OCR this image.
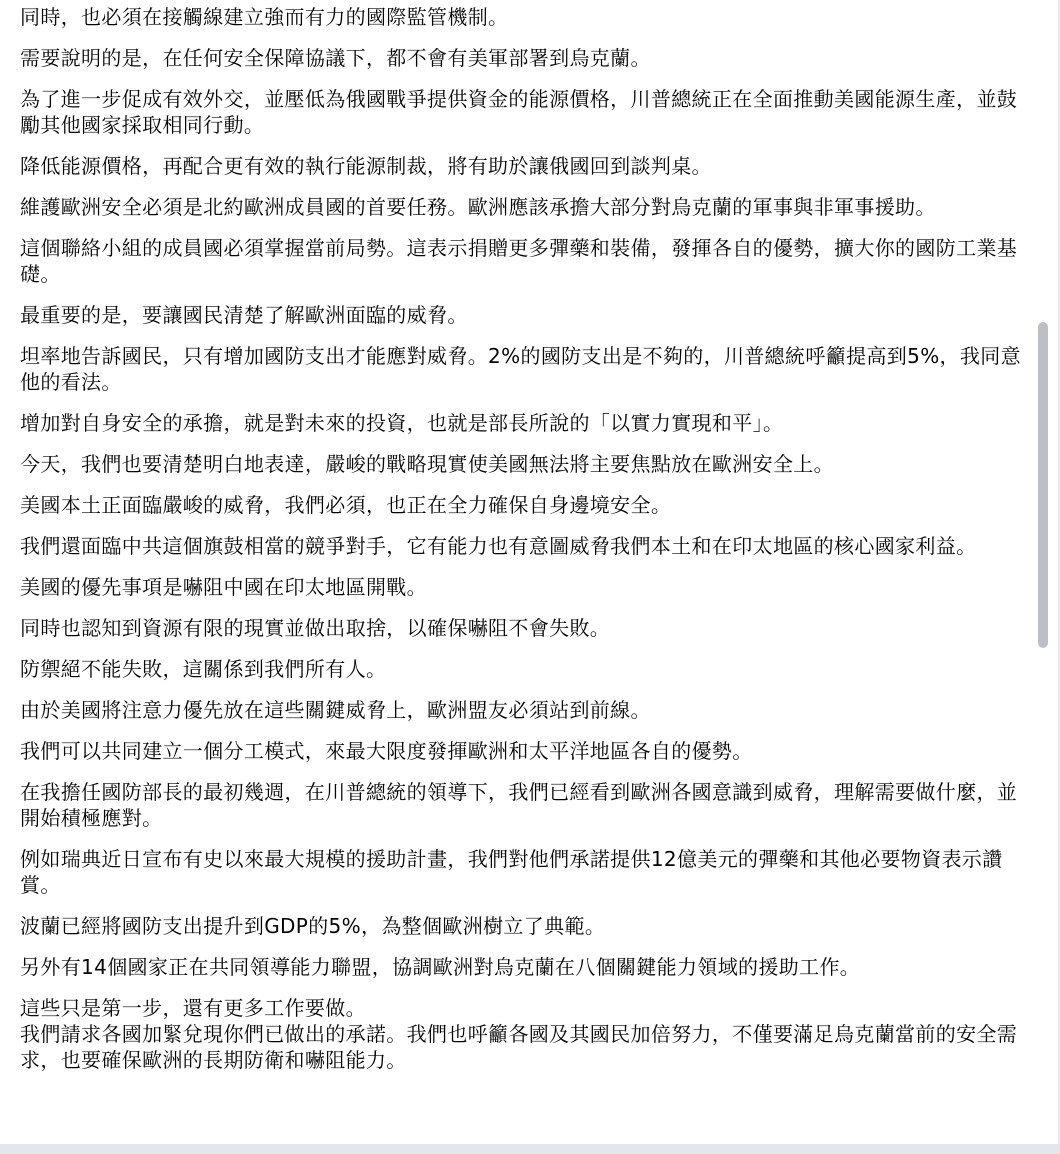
同時，也必須在接觸線建立強而有力的國際監管機制。

需要說明的是，在任何安全保障協議下，都不會有美軍部署到烏克蘭。

為了進一步促成有效外交，並壓低為俄國戰爭提供資金的能源價格，川普總統正在全面推動美國能源生產，並鼓勵其他國家採取相同行動。

降低能源價格，再配合更有效的執行能源制裁，將有助於讓俄國回到談判桌。

維護歐洲安全必須是北約歐洲成員國的首要任務。歐洲應該承擔大部分對烏克蘭的軍事與非軍事援助。

這個聯絡小組的成員國必須掌握當前局勢。這表示捐贈更多彈藥和裝備，發揮各自的優勢，擴大你的國防工業基礎。

最重要的是，要讓國民清楚了解歐洲面臨的威脅。

坦率地告訴國民，只有增加國防支出才能應對威脅。2%的國防支出是不夠的，川普總統呼籲提高到5%，我同意他的看法。

增加對自身安全的承擔，就是對未來的投資，也就是部長所說的「以實力實現和平」。

今天，我們也要清楚明白地表達，嚴峻的戰略現實使美國無法將主要焦點放在歐洲安全上。

美國本土正面臨嚴峻的威脅，我們必須，也正在全力確保自身邊境安全。

我們還面臨中共這個旗鼓相當的競爭對手，它有能力也有意圖威脅我們本土和在印太地區的核心國家利益。

美國的優先事項是嚇阻中國在印太地區開戰。

同時也認知到資源有限的現實並做出取捨，以確保嚇阻不會失敗。

防禦絕不能失敗，這關係到我們所有人。

由於美國將注意力優先放在這些關鍵威脅上，歐洲盟友必須站到前線。

我們可以共同建立一個分工模式，來最大限度發揮歐洲和太平洋地區各自的優勢。

在我擔任國防部長的最初幾週，在川普總統的領導下，我們已經看到歐洲各國意識到威脅，理解需要做什麼，並開始積極應對。

例如瑞典近日宣布有史以來最大規模的援助計畫，我們對他們承諾提供12億美元的彈藥和其他必要物資表示讚賞。

波蘭已經將國防支出提升到GDP的5%，為整個歐洲樹立了典範。

另外有14個國家正在共同領導能力聯盟，協調歐洲對烏克蘭在八個關鍵能力領域的援助工作。

這些只是第一步，還有更多工作要做。
我們請求各國加緊兌現你們已做出的承諾。我們也呼籲各國及其國民加倍努力，不僅要滿足烏克蘭當前的安全需求，也要確保歐洲的長期防衛和嚇阻能力。
